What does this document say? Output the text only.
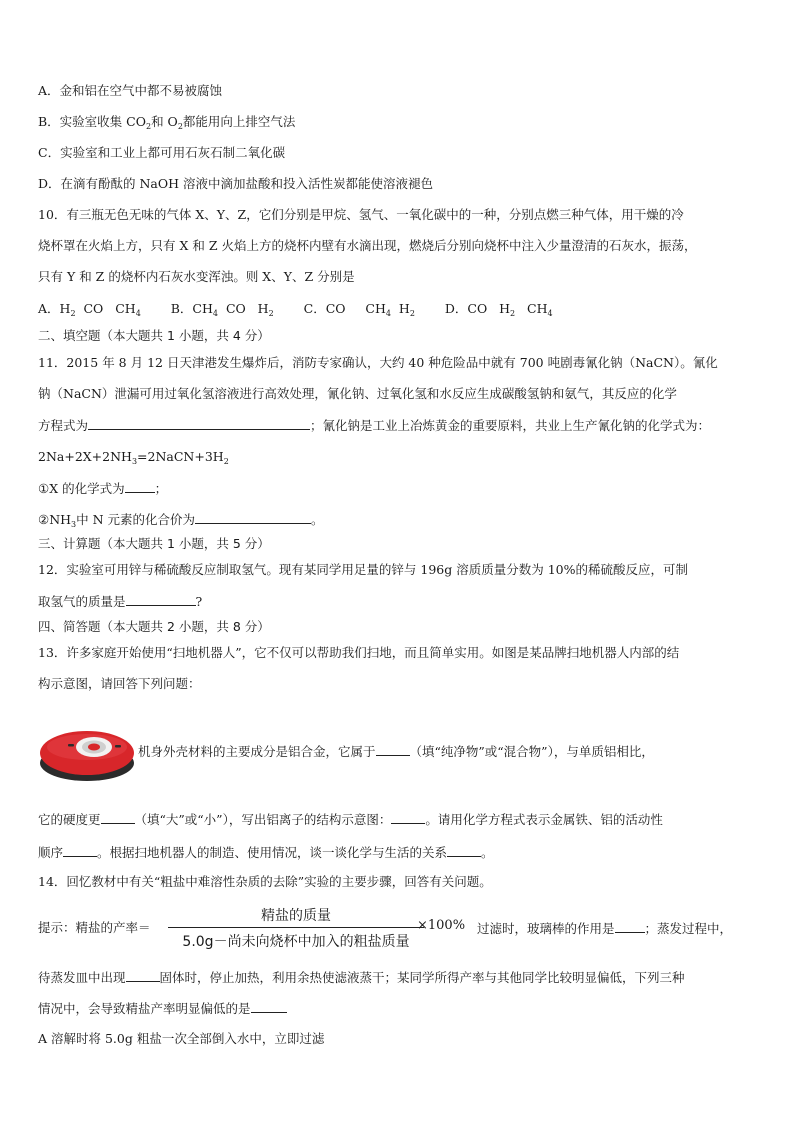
A．金和铝在空气中都不易被腐蚀
B．实验室收集 $CO_2$和 $O_2$都能用向上排空气法
C．实验室和工业上都可用石灰石制二氧化碳
D．在滴有酚酞的 NaOH 溶液中滴加盐酸和投入活性炭都能使溶液褪色
10．有三瓶无色无味的气体 X、Y、Z，它们分别是甲烷、氢气、一氧化碳中的一种，分别点燃三种气体，用干燥的冷
烧杯罩在火焰上方，只有 X 和 Z 火焰上方的烧杯内壁有水滴出现，燃烧后分别向烧杯中注入少量澄清的石灰水，振荡，
只有 Y 和 Z 的烧杯内石灰水变浑浊。则 X、Y、Z 分别是
A．$H_2$  CO   $CH_4$ B．$CH_4$  CO   $H_2$ C．CO     $CH_4$  $H_2$ D．CO   $H_2$   $CH_4$
二、填空题（本大题共 1 小题，共 4 分）
11．2015 年 8 月 12 日天津港发生爆炸后，消防专家确认，大约 40 种危险品中就有 700 吨剧毒氰化钠（NaCN）。氰化
钠（NaCN）泄漏可用过氧化氢溶液进行高效处理，氰化钠、过氧化氢和水反应生成碳酸氢钠和氨气，其反应的化学
方程式为	；氰化钠是工业上冶炼黄金的重要原料，共业上生产氰化钠的化学式为：
$2Na+2X+2NH_3=2NaCN+3H_2$
①X 的化学式为 ；
$②NH_3$中 N 元素的化合价为	。
三、计算题（本大题共 1 小题，共 5 分）
12．实验室可用锌与稀硫酸反应制取氢气。现有某同学用足量的锌与 196g 溶质质量分数为 10%的稀硫酸反应，可制
取氢气的质量是	?
四、简答题（本大题共 2 小题，共 8 分）
13．许多家庭开始使用“扫地机器人”，它不仅可以帮助我们扫地，而且简单实用。如图是某品牌扫地机器人内部的结
构示意图，请回答下列问题：
机身外壳材料的主要成分是铝合金，它属于	（填“纯净物”或“混合物”），与单质铝相比，
它的硬度更	（填“大”或“小”），写出铝离子的结构示意图：	。请用化学方程式表示金属铁、铝的活动性
顺序	。根据扫地机器人的制造、使用情况，谈一谈化学与生活的关系	。
14．回忆教材中有关“粗盐中难溶性杂质的去除”实验的主要步骤，回答有关问题。
提示：精盐的产率＝
精盐的质量
5.0g－尚未向烧杯中加入的粗盐质量
×100% 过滤时，玻璃棒的作用是 ；蒸发过程中，
待蒸发皿中出现	固体时，停止加热，利用余热使滤液蒸干；某同学所得产率与其他同学比较明显偏低，下列三种
情况中，会导致精盐产率明显偏低的是
A 溶解时将 5.0g 粗盐一次全部倒入水中，立即过滤
